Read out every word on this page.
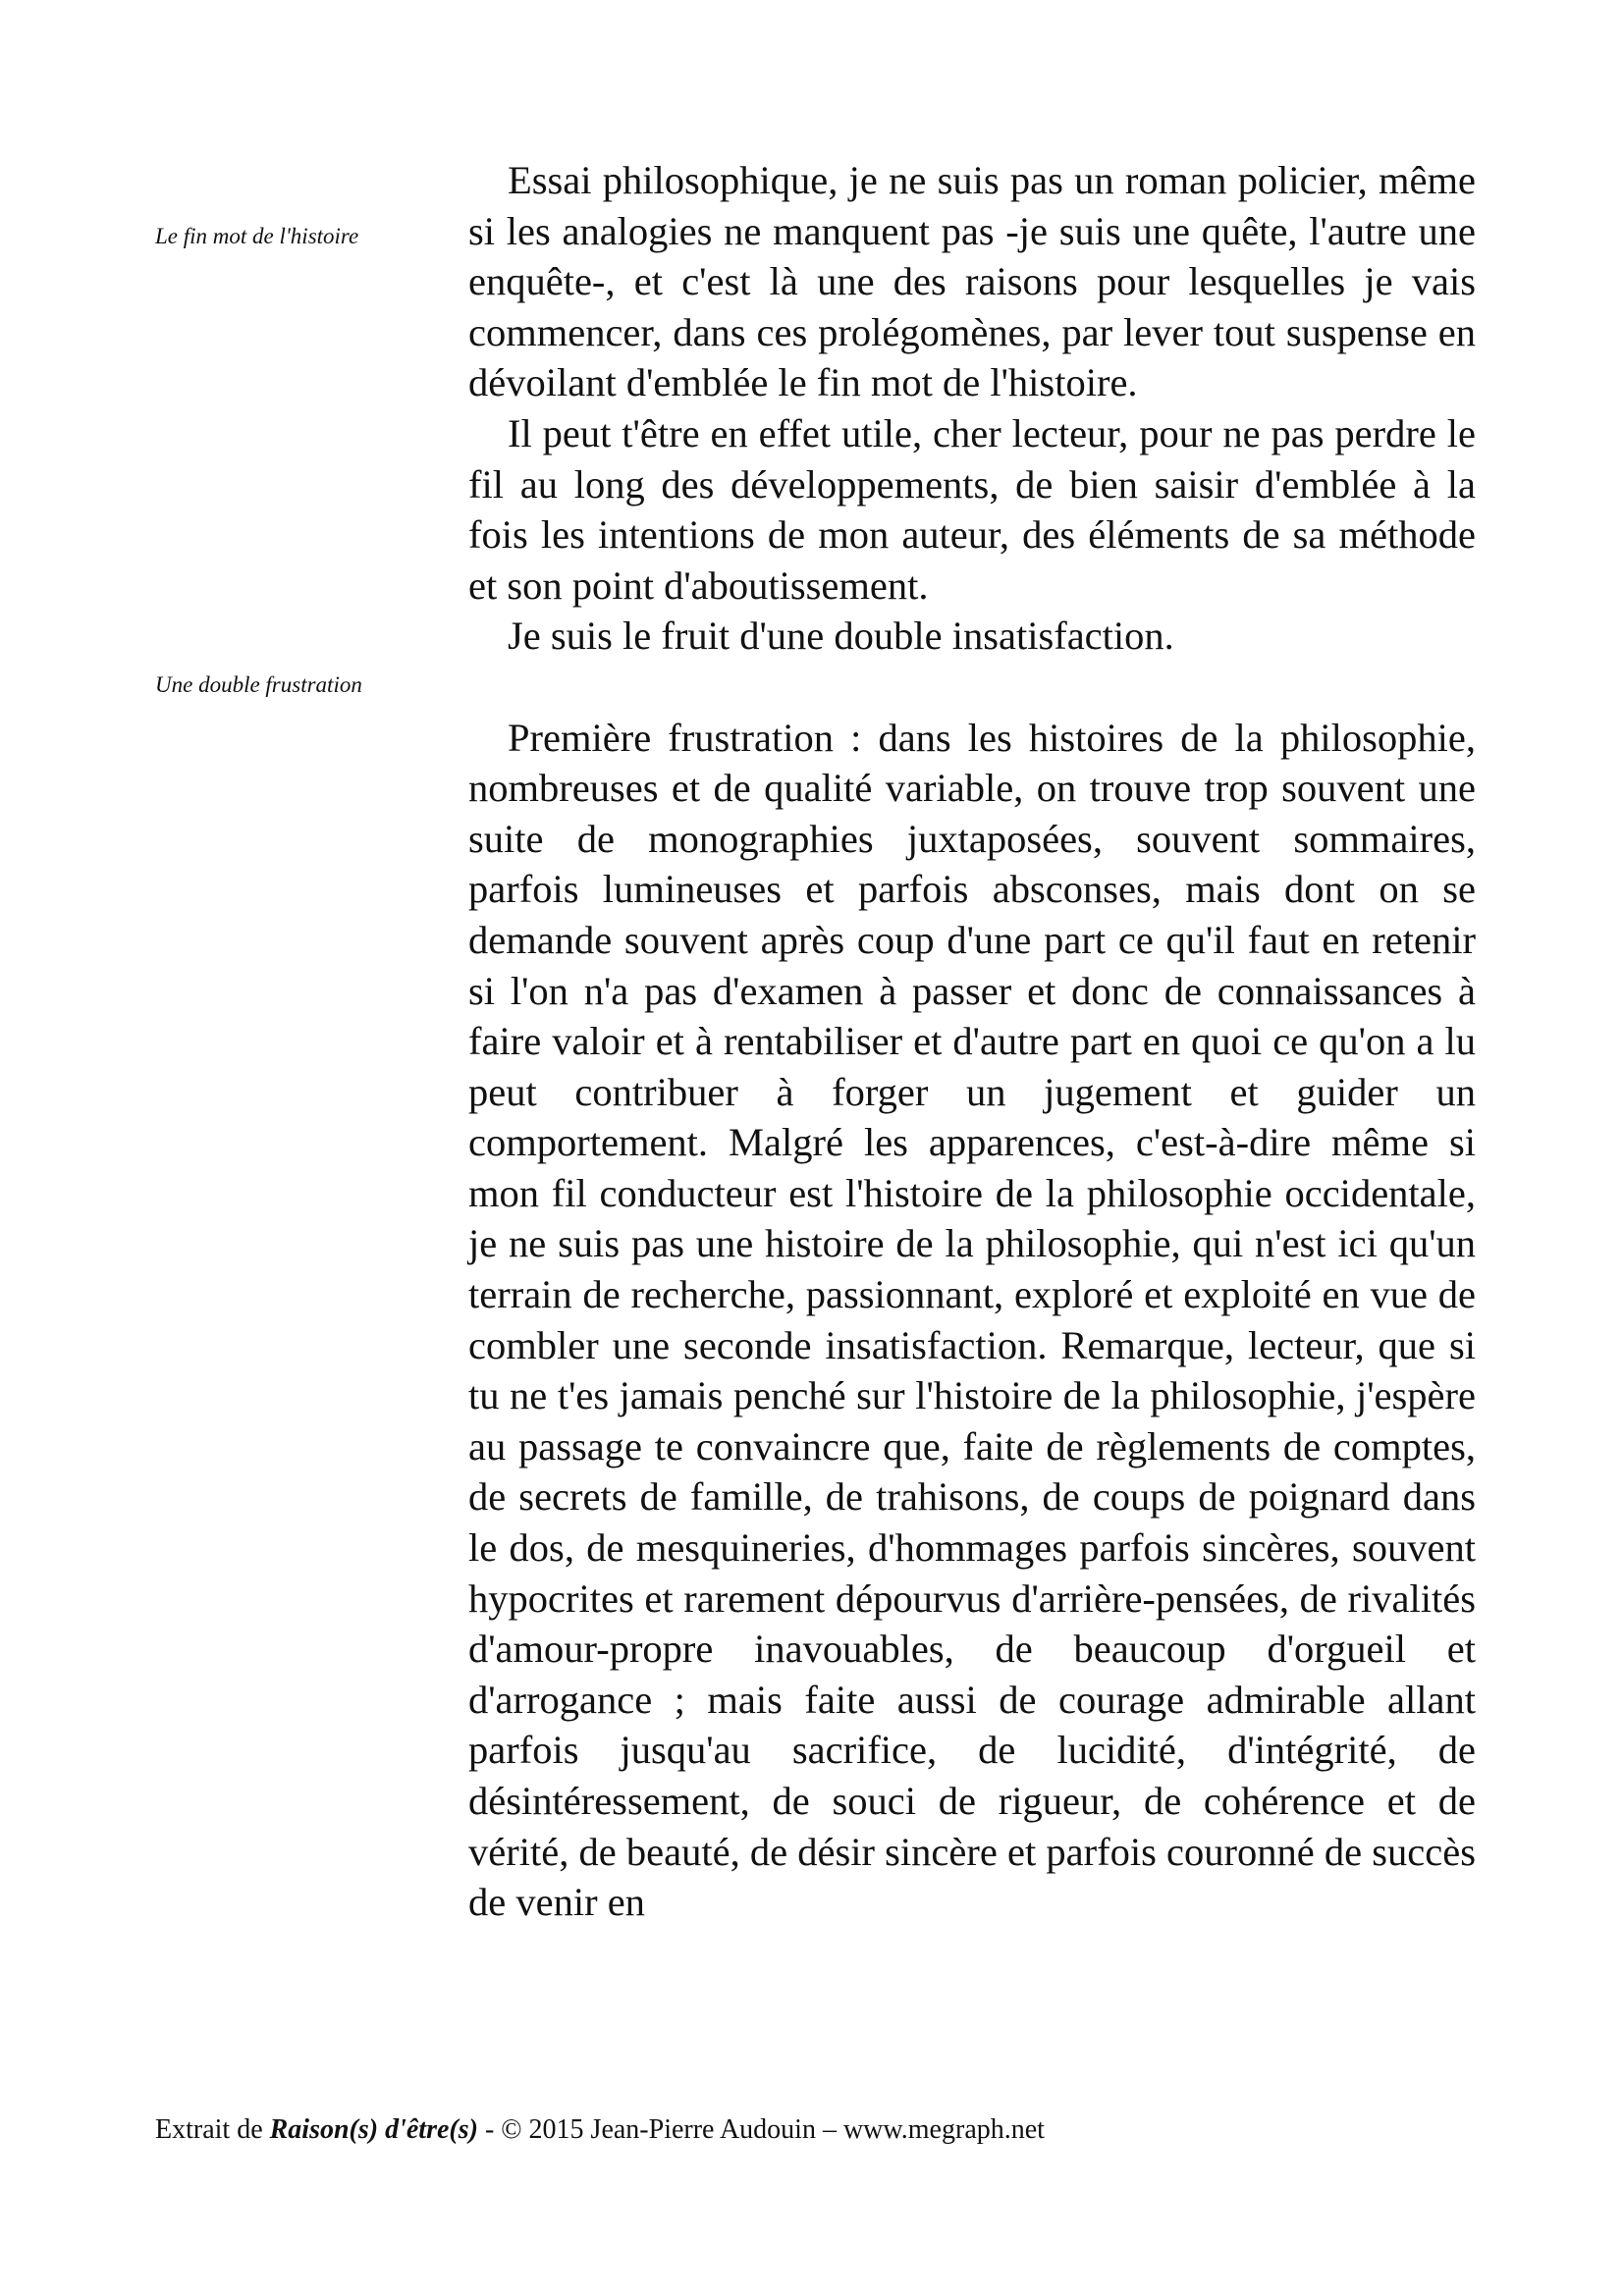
Le fin mot de l'histoire
Une double frustration

Essai philosophique, je ne suis pas un roman policier, même si les analogies ne manquent pas -je suis une quête, l'autre une enquête-, et c'est là une des raisons pour lesquelles je vais commencer, dans ces prolégomènes, par lever tout suspense en dévoilant d'emblée le fin mot de l'histoire.

Il peut t'être en effet utile, cher lecteur, pour ne pas perdre le fil au long des développements, de bien saisir d'emblée à la fois les intentions de mon auteur, des éléments de sa méthode et son point d'aboutissement.

Je suis le fruit d'une double insatisfaction.

Première frustration : dans les histoires de la philosophie, nombreuses et de qualité variable, on trouve trop souvent une suite de monographies juxtaposées, souvent sommaires, parfois lumineuses et parfois absconses, mais dont on se demande souvent après coup d'une part ce qu'il faut en retenir si l'on n'a pas d'examen à passer et donc de connaissances à faire valoir et à rentabiliser et d'autre part en quoi ce qu'on a lu peut contribuer à forger un jugement et guider un comportement. Malgré les apparences, c'est-à-dire même si mon fil conducteur est l'histoire de la philosophie occidentale, je ne suis pas une histoire de la philosophie, qui n'est ici qu'un terrain de recherche, passionnant, exploré et exploité en vue de combler une seconde insatisfaction. Remarque, lecteur, que si tu ne t'es jamais penché sur l'histoire de la philosophie, j'espère au passage te convaincre que, faite de règlements de comptes, de secrets de famille, de trahisons, de coups de poignard dans le dos, de mesquineries, d'hommages parfois sincères, souvent hypocrites et rarement dépourvus d'arrière-pensées, de rivalités d'amour-propre inavouables, de beaucoup d'orgueil et d'arrogance ; mais faite aussi de courage admirable allant parfois jusqu'au sacrifice, de lucidité, d'intégrité, de désintéressement, de souci de rigueur, de cohérence et de vérité, de beauté, de désir sincère et parfois couronné de succès de venir en

Extrait de Raison(s) d'être(s) - © 2015 Jean-Pierre Audouin – www.megraph.net
